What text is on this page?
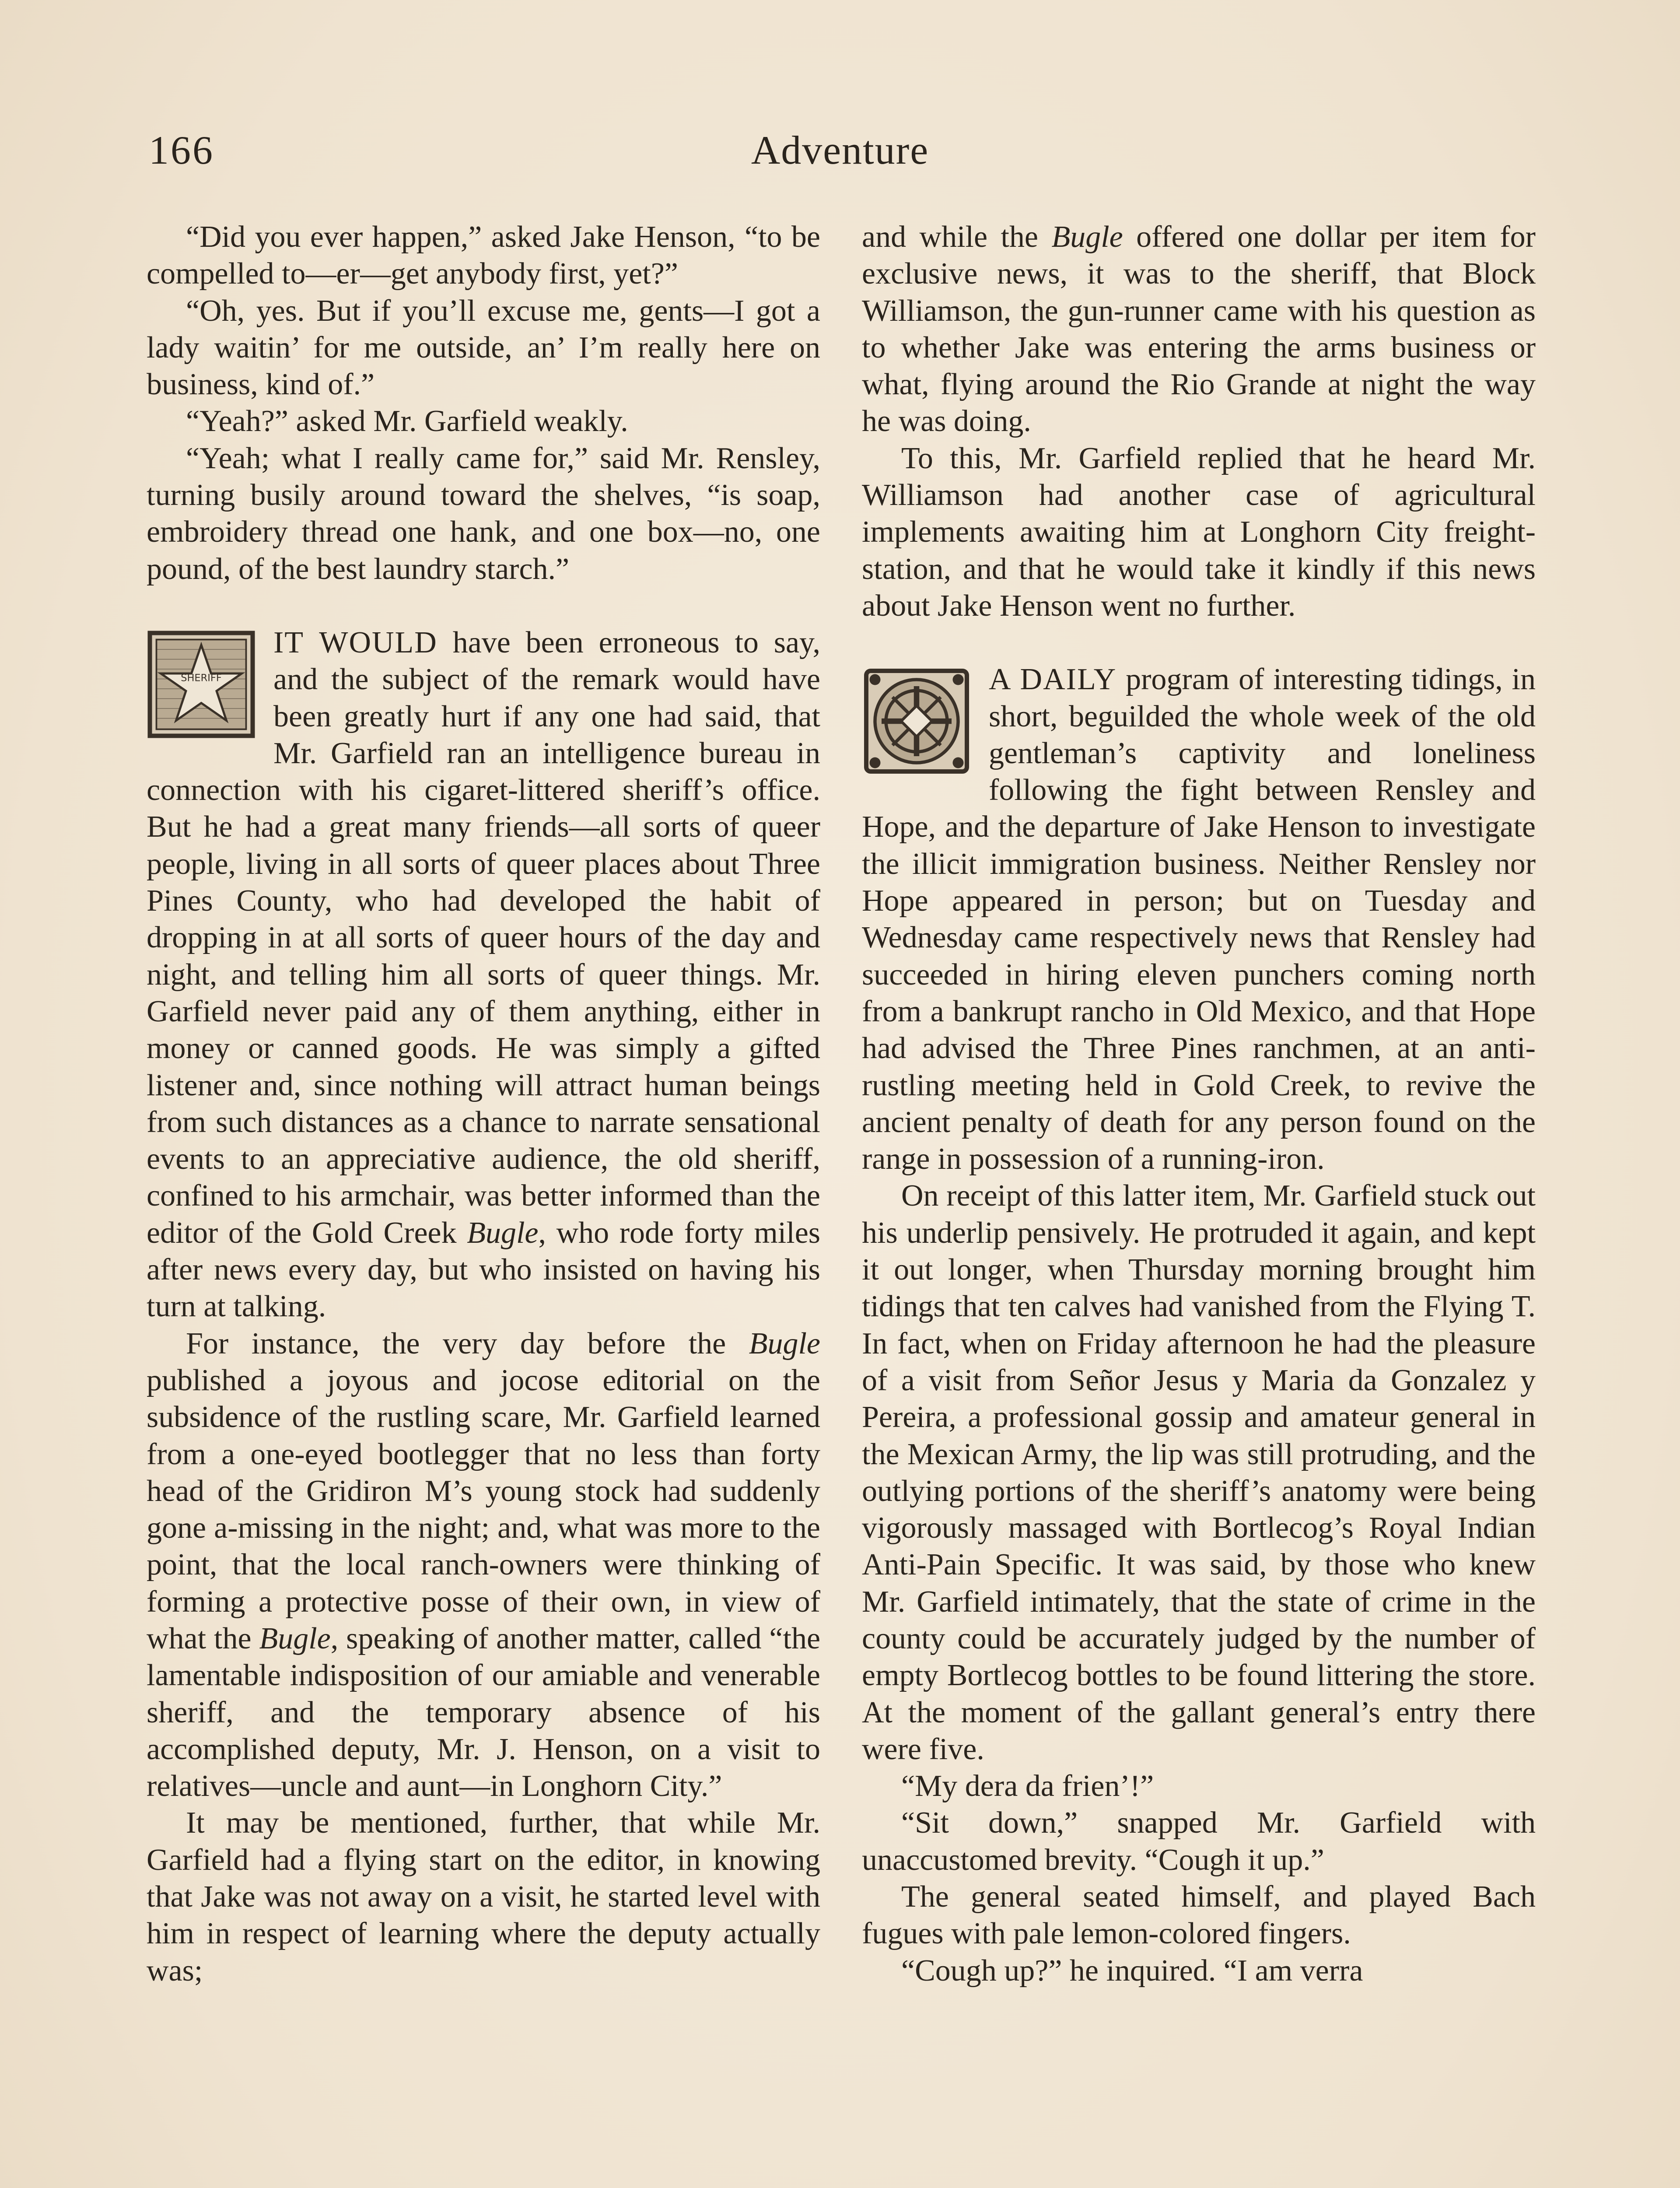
166	Adventure

“Did you ever happen,” asked Jake Henson, “to be compelled to—er—get anybody first, yet?”

“Oh, yes. But if you’ll excuse me, gents—I got a lady waitin’ for me outside, an’ I’m really here on business, kind of.”

“Yeah?” asked Mr. Garfield weakly.

“Yeah; what I really came for,” said Mr. Rensley, turning busily around toward the shelves, “is soap, embroidery thread one hank, and one box—no, one pound, of the best laundry starch.”

SHERIFF
IT WOULD have been erroneous to say, and the subject of the remark would have been greatly hurt if any one had said, that Mr. Garfield ran an intelligence bureau in connection with his cigaret-littered sheriff’s office. But he had a great many friends—all sorts of queer people, living in all sorts of queer places about Three Pines County, who had developed the habit of dropping in at all sorts of queer hours of the day and night, and telling him all sorts of queer things. Mr. Garfield never paid any of them anything, either in money or canned goods. He was simply a gifted listener and, since nothing will attract human beings from such distances as a chance to narrate sensational events to an appreciative audience, the old sheriff, confined to his armchair, was better informed than the editor of the Gold Creek Bugle, who rode forty miles after news every day, but who insisted on having his turn at talking.

For instance, the very day before the Bugle published a joyous and jocose editorial on the subsidence of the rustling scare, Mr. Garfield learned from a one-eyed bootlegger that no less than forty head of the Gridiron M’s young stock had suddenly gone a-missing in the night; and, what was more to the point, that the local ranch-owners were thinking of forming a protective posse of their own, in view of what the Bugle, speaking of another matter, called “the lamentable indisposition of our amiable and venerable sheriff, and the temporary absence of his accomplished deputy, Mr. J. Henson, on a visit to relatives—uncle and aunt—in Longhorn City.”

It may be mentioned, further, that while Mr. Garfield had a flying start on the editor, in knowing that Jake was not away on a visit, he started level with him in respect of learning where the deputy actually was;

and while the Bugle offered one dollar per item for exclusive news, it was to the sheriff, that Block Williamson, the gun-runner came with his question as to whether Jake was entering the arms business or what, flying around the Rio Grande at night the way he was doing.

To this, Mr. Garfield replied that he heard Mr. Williamson had another case of agricultural implements awaiting him at Longhorn City freight-station, and that he would take it kindly if this news about Jake Henson went no further.

A DAILY program of interesting tidings, in short, beguilded the whole week of the old gentleman’s captivity and loneliness following the fight between Rensley and Hope, and the departure of Jake Henson to investigate the illicit immigration business. Neither Rensley nor Hope appeared in person; but on Tuesday and Wednesday came respectively news that Rensley had succeeded in hiring eleven punchers coming north from a bankrupt rancho in Old Mexico, and that Hope had advised the Three Pines ranchmen, at an anti-rustling meeting held in Gold Creek, to revive the ancient penalty of death for any person found on the range in possession of a running-iron.

On receipt of this latter item, Mr. Garfield stuck out his underlip pensively. He protruded it again, and kept it out longer, when Thursday morning brought him tidings that ten calves had vanished from the Flying T. In fact, when on Friday afternoon he had the pleasure of a visit from Señor Jesus y Maria da Gonzalez y Pereira, a professional gossip and amateur general in the Mexican Army, the lip was still protruding, and the outlying portions of the sheriff’s anatomy were being vigorously massaged with Bortlecog’s Royal Indian Anti-Pain Specific. It was said, by those who knew Mr. Garfield intimately, that the state of crime in the county could be accurately judged by the number of empty Bortlecog bottles to be found littering the store. At the moment of the gallant general’s entry there were five.

“My dera da frien’!”

“Sit down,” snapped Mr. Garfield with unaccustomed brevity. “Cough it up.”

The general seated himself, and played Bach fugues with pale lemon-colored fingers.

“Cough up?” he inquired. “I am verra
